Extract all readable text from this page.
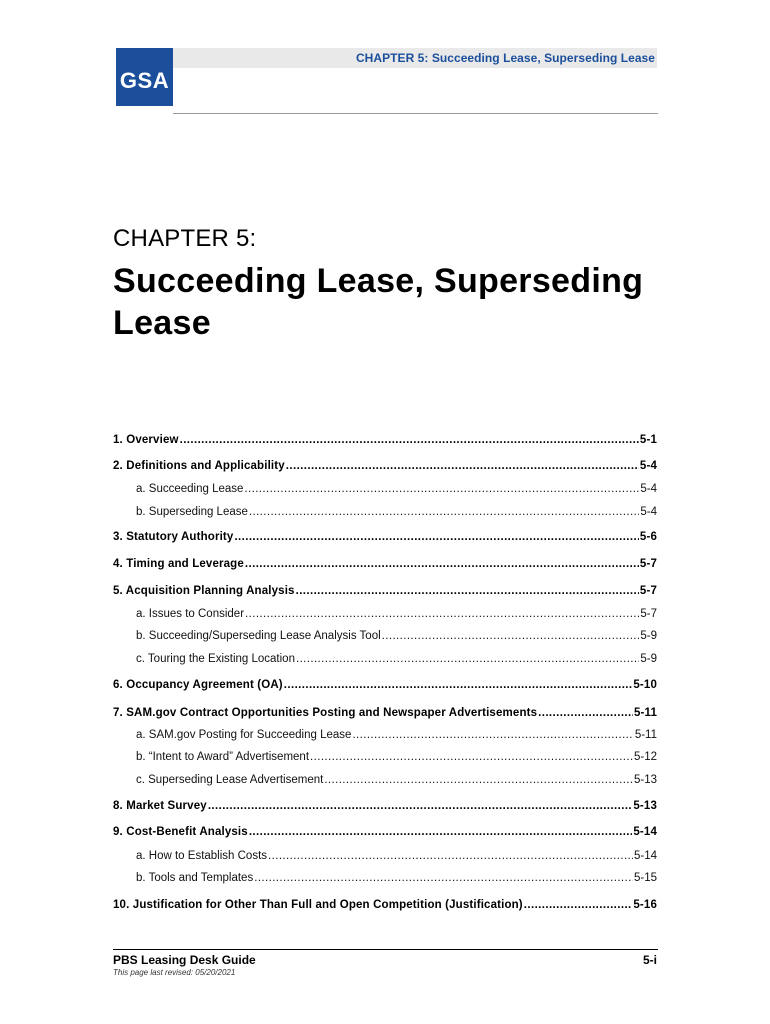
GSA
CHAPTER 5: Succeeding Lease, Superseding Lease
CHAPTER 5:
Succeeding Lease, Superseding
Lease
1. Overview .....	5-1
2. Definitions and Applicability .....	5-4
a. Succeeding Lease .....	5-4
b. Superseding Lease .....	5-4
3. Statutory Authority .....	5-6
4. Timing and Leverage .....	5-7
5. Acquisition Planning Analysis .....	5-7
a. Issues to Consider .....	5-7
b. Succeeding/Superseding Lease Analysis Tool .....	5-9
c. Touring the Existing Location .....	5-9
6. Occupancy Agreement (OA) .....	5-10
7. SAM.gov Contract Opportunities Posting and Newspaper Advertisements .....	5-11
a. SAM.gov Posting for Succeeding Lease .....	5-11
b. “Intent to Award” Advertisement .....	5-12
c. Superseding Lease Advertisement .....	5-13
8. Market Survey .....	5-13
9. Cost-Benefit Analysis .....	5-14
a. How to Establish Costs .....	5-14
b. Tools and Templates .....	5-15
10. Justification for Other Than Full and Open Competition (Justification) .....	5-16
PBS Leasing Desk Guide	5-i
This page last revised: 05/20/2021
